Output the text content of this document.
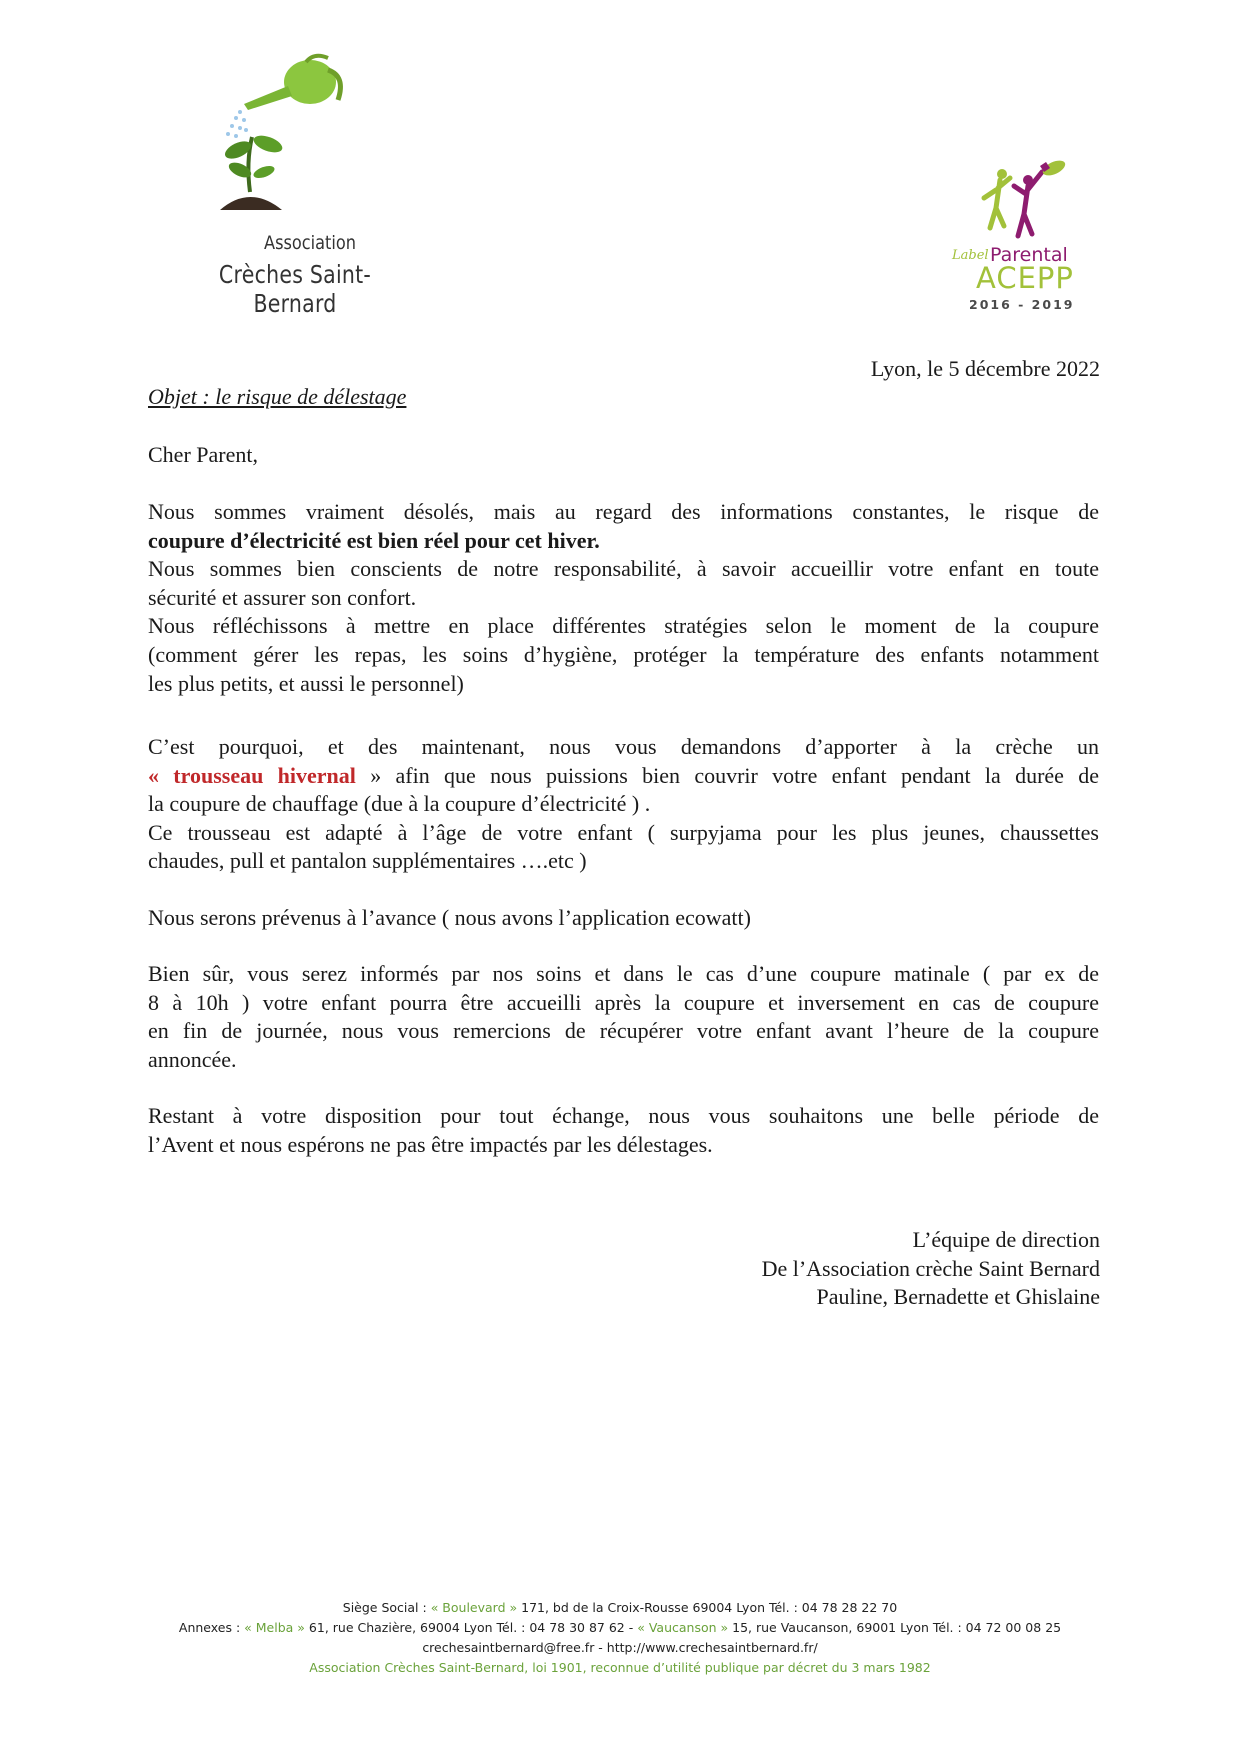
Association
Crèches Saint-Bernard
Label Parental
ACEPP
2016 - 2019
Lyon, le 5 décembre 2022
Objet : le risque de délestage
Cher Parent,

Nous sommes vraiment désolés, mais au regard des informations constantes, le risque de

coupure d’électricité est bien réel pour cet hiver.

Nous sommes bien conscients de notre responsabilité, à savoir accueillir votre enfant en toute

sécurité et assurer son confort.

Nous réfléchissons à mettre en place différentes stratégies selon le moment de la coupure

(comment gérer les repas, les soins d’hygiène, protéger la température des enfants notamment

les plus petits, et aussi le personnel)

C’est pourquoi, et des maintenant, nous vous demandons d’apporter à la crèche un

« trousseau hivernal » afin que nous puissions bien couvrir votre enfant pendant la durée de

la coupure de chauffage (due à la coupure d’électricité ) .

Ce trousseau est adapté à l’âge de votre enfant ( surpyjama pour les plus jeunes, chaussettes

chaudes, pull et pantalon supplémentaires ….etc )

Nous serons prévenus à l’avance ( nous avons l’application ecowatt)

Bien sûr, vous serez informés par nos soins et dans le cas d’une coupure matinale ( par ex de

8 à 10h ) votre enfant pourra être accueilli après la coupure et inversement en cas de coupure

en fin de journée, nous vous remercions de récupérer votre enfant avant l’heure de la coupure

annoncée.

Restant à votre disposition pour tout échange, nous vous souhaitons une belle période de

l’Avent et nous espérons ne pas être impactés par les délestages.

L’équipe de direction
De l’Association crèche Saint Bernard
Pauline, Bernadette et Ghislaine
Siège Social : « Boulevard » 171, bd de la Croix-Rousse 69004 Lyon Tél. : 04 78 28 22 70
Annexes : « Melba » 61, rue Chazière, 69004 Lyon Tél. : 04 78 30 87 62 - « Vaucanson » 15, rue Vaucanson, 69001 Lyon Tél. : 04 72 00 08 25
crechesaintbernard@free.fr - http://www.crechesaintbernard.fr/
Association Crèches Saint-Bernard, loi 1901, reconnue d’utilité publique par décret du 3 mars 1982
